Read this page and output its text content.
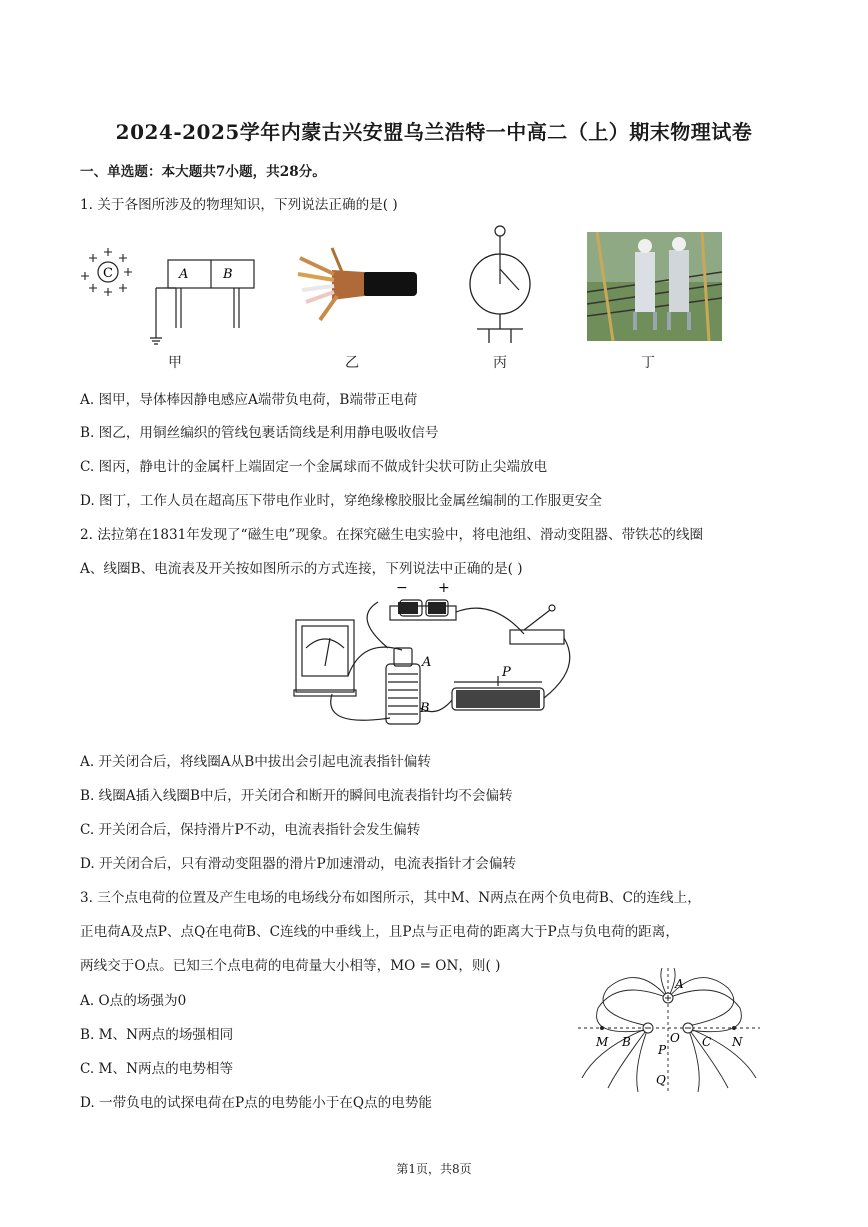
2024-2025学年内蒙古兴安盟乌兰浩特一中高二（上）期末物理试卷
一、单选题：本大题共7小题，共28分。
1. 关于各图所涉及的物理知识，下列说法正确的是( )
C	A	B
甲	乙	丙	丁
A. 图甲，导体棒因静电感应A端带负电荷，B端带正电荷
B. 图乙，用铜丝编织的管线包裹话筒线是利用静电吸收信号
C. 图丙，静电计的金属杆上端固定一个金属球而不做成针尖状可防止尖端放电
D. 图丁，工作人员在超高压下带电作业时，穿绝缘橡胶服比金属丝编制的工作服更安全
2. 法拉第在1831年发现了“磁生电”现象。在探究磁生电实验中，将电池组、滑动变阻器、带铁芯的线圈
A、线圈B、电流表及开关按如图所示的方式连接，下列说法中正确的是( )
− +
A
B
P
A. 开关闭合后，将线圈A从B中拔出会引起电流表指针偏转
B. 线圈A插入线圈B中后，开关闭合和断开的瞬间电流表指针均不会偏转
C. 开关闭合后，保持滑片P不动，电流表指针会发生偏转
D. 开关闭合后，只有滑动变阻器的滑片P加速滑动，电流表指针才会偏转
3. 三个点电荷的位置及产生电场的电场线分布如图所示，其中M、N两点在两个负电荷B、C的连线上，
正电荷A及点P、点Q在电荷B、C连线的中垂线上，且P点与正电荷的距离大于P点与负电荷的距离，
两线交于O点。已知三个点电荷的电荷量大小相等，MO = ON，则( )
A. O点的场强为0
B. M、N两点的场强相同
C. M、N两点的电势相等
D. 一带负电的试探电荷在P点的电势能小于在Q点的电势能
A
M B	O C N
P
Q
第1页，共8页
